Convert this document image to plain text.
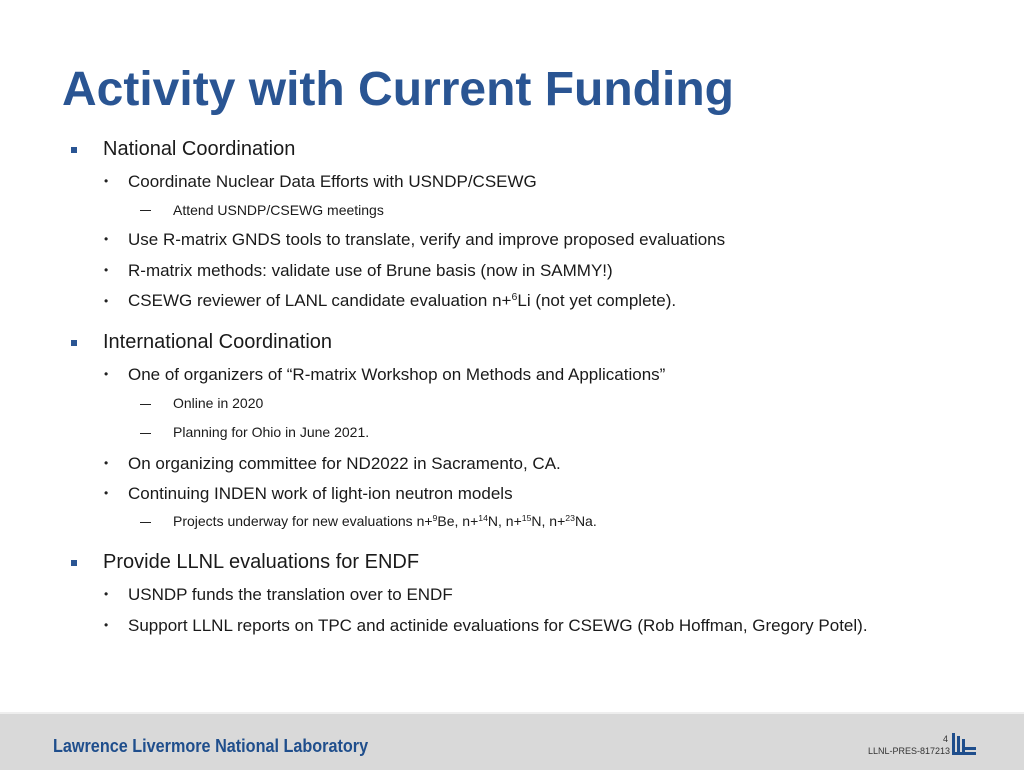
Activity with Current Funding
National Coordination
• Coordinate Nuclear Data Efforts with USNDP/CSEWG
Attend USNDP/CSEWG meetings
• Use R-matrix GNDS tools to translate, verify and improve proposed evaluations
• R-matrix methods: validate use of Brune basis (now in SAMMY!)
• CSEWG reviewer of LANL candidate evaluation n+$^6$Li (not yet complete).
International Coordination
• One of organizers of “R-matrix Workshop on Methods and Applications”
Online in 2020
Planning for Ohio in June 2021.
• On organizing committee for ND2022 in Sacramento, CA.
• Continuing INDEN work of light-ion neutron models
Projects underway for new evaluations n+$^9$Be, n+$^{14}$N, n+$^{15}$N, n+$^{23}$Na.
Provide LLNL evaluations for ENDF
• USNDP funds the translation over to ENDF
• Support LLNL reports on TPC and actinide evaluations for CSEWG (Rob Hoffman, Gregory Potel).
Lawrence Livermore National Laboratory	4
LLNL-PRES-817213
